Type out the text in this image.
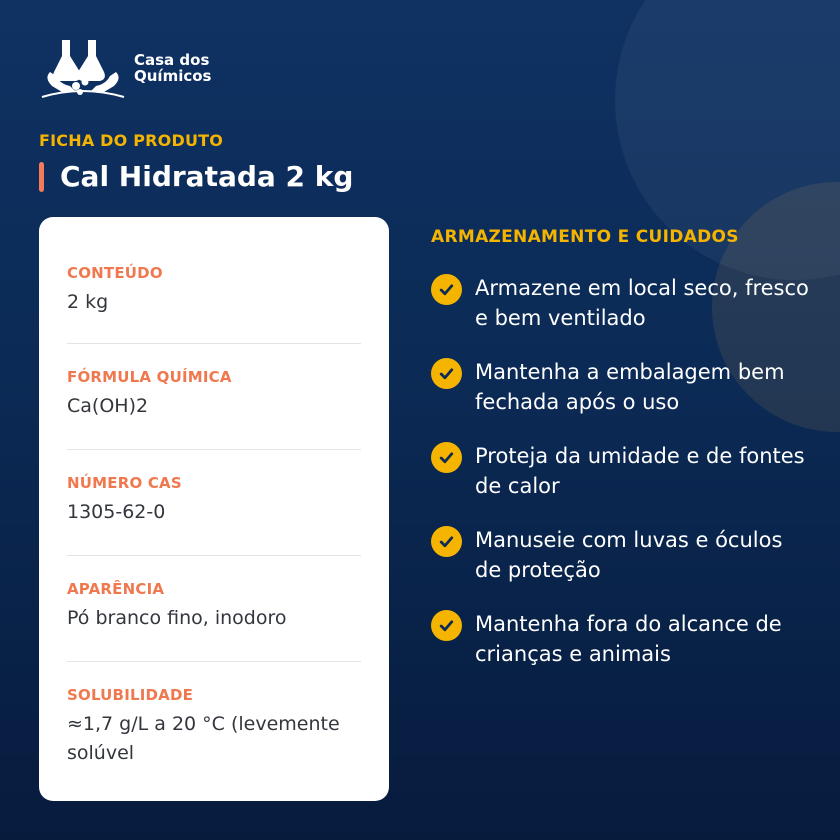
Casa dos
Químicos
FICHA DO PRODUTO
Cal Hidratada 2 kg
CONTEÚDO
2 kg
FÓRMULA QUÍMICA
Ca(OH)2
NÚMERO CAS
1305-62-0
APARÊNCIA
Pó branco fino, inodoro
SOLUBILIDADE
≈1,7 g/L a 20 °C (levemente solúvel
ARMAZENAMENTO E CUIDADOS
Armazene em local seco, fresco e bem ventilado
Mantenha a embalagem bem fechada após o uso
Proteja da umidade e de fontes de calor
Manuseie com luvas e óculos de proteção
Mantenha fora do alcance de crianças e animais
